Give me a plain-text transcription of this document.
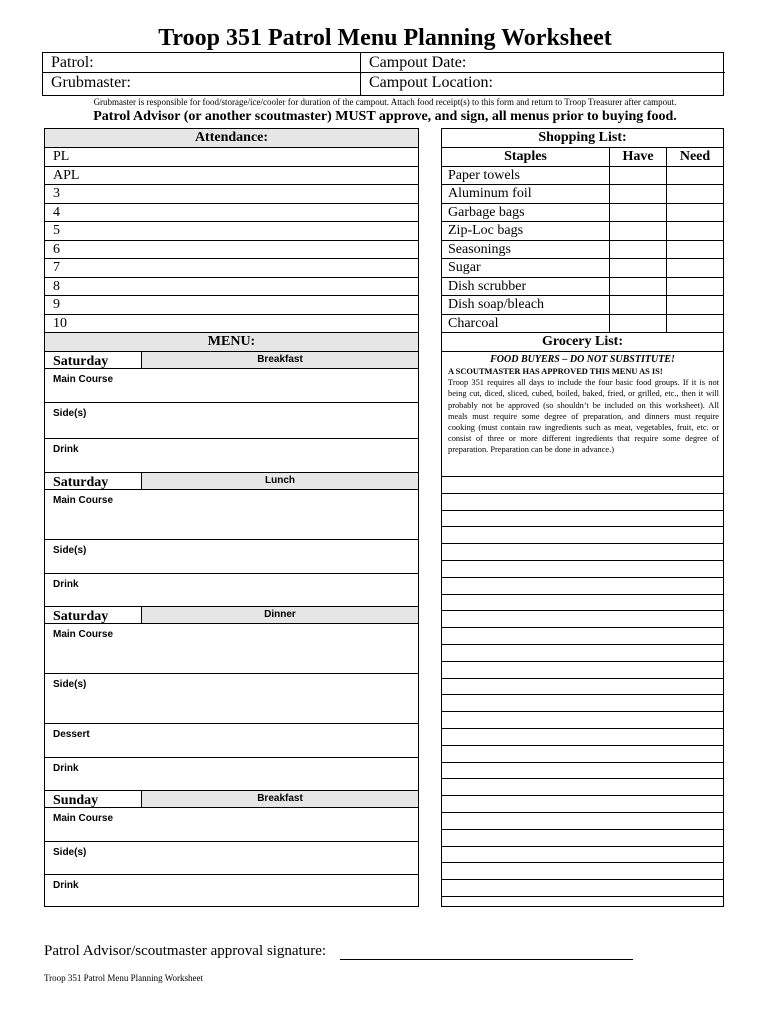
Troop 351 Patrol Menu Planning Worksheet
Patrol:	Campout Date:
Grubmaster:	Campout Location:
Grubmaster is responsible for food/storage/ice/cooler for duration of the campout. Attach food receipt(s) to this form and return to Troop Treasurer after campout.
Patrol Advisor (or another scoutmaster) MUST approve, and sign, all menus prior to buying food.
Attendance:
PL
APL
3
4
5
6
7
8
9
10
MENU:
Saturday	Breakfast
Main Course
Side(s)
Drink
Saturday	Lunch
Main Course
Side(s)
Drink
Saturday	Dinner
Main Course
Side(s)
Dessert
Drink
Sunday	Breakfast
Main Course
Side(s)
Drink
Shopping List:
Staples	Have	Need
Paper towels
Aluminum foil
Garbage bags
Zip-Loc bags
Seasonings
Sugar
Dish scrubber
Dish soap/bleach
Charcoal
Grocery List:
FOOD BUYERS – DO NOT SUBSTITUTE!
A SCOUTMASTER HAS APPROVED THIS MENU AS IS!
Troop 351 requires all days to include the four basic food groups. If it is not being cut, diced, sliced, cubed, boiled, baked, fried, or grilled, etc., then it will probably not be approved (so shouldn’t be included on this worksheet). All meals must require some degree of preparation, and dinners must require cooking (must contain raw ingredients such as meat, vegetables, fruit, etc. or consist of three or more different ingredients that require some degree of preparation. Preparation can be done in advance.)
Patrol Advisor/scoutmaster approval signature:
Troop 351 Patrol Menu Planning Worksheet
